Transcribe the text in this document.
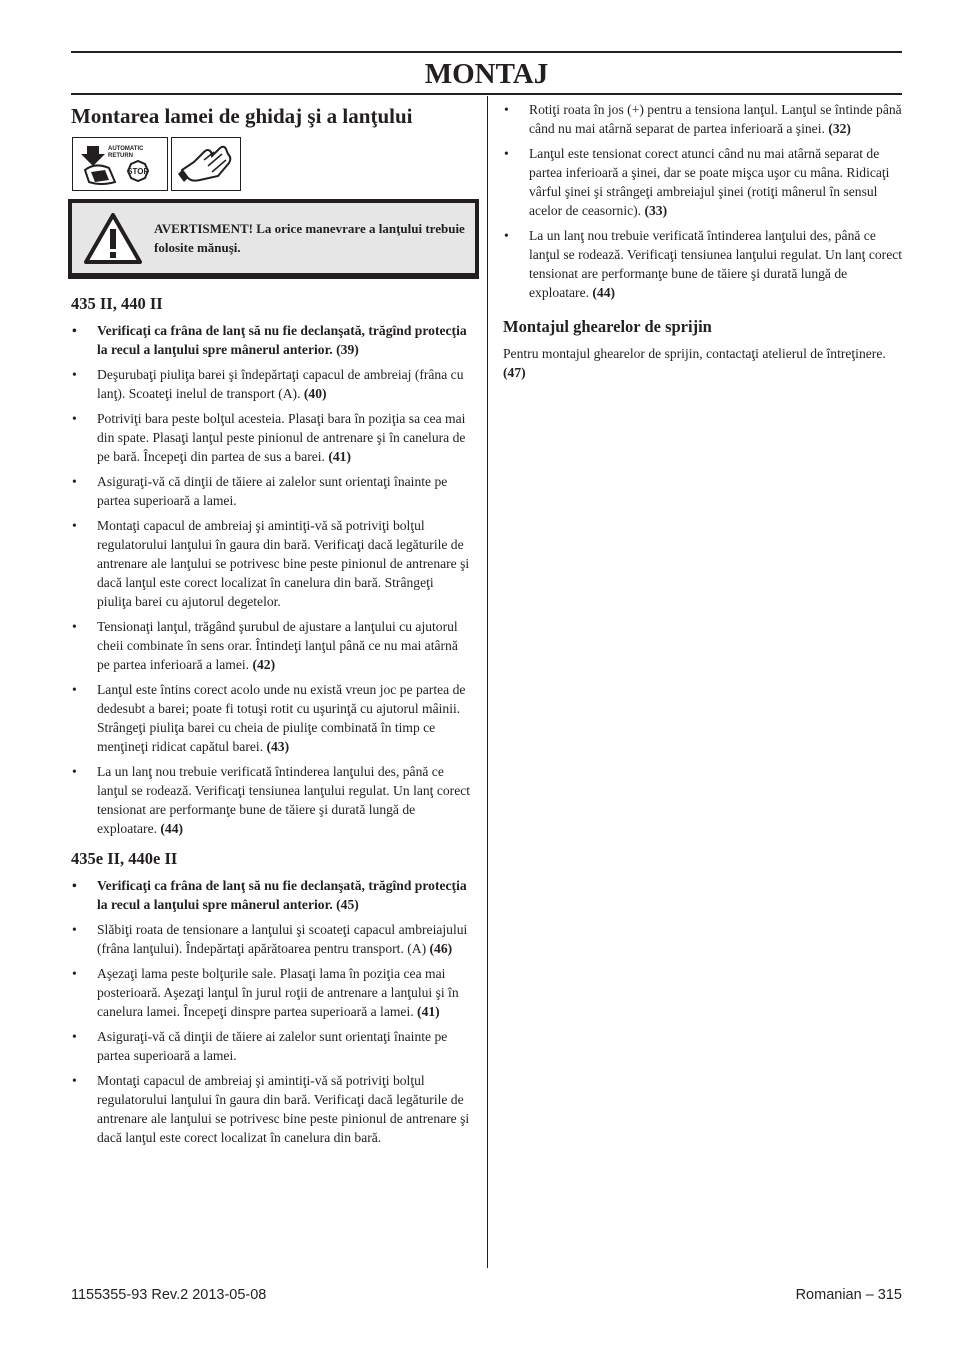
MONTAJ
Montarea lamei de ghidaj şi a lanţului
AUTOMATIC
RETURN
STOP
AVERTISMENT! La orice manevrare a lanţului trebuie folosite mănuşi.
435 II, 440 II
• Verificaţi ca frâna de lanţ să nu fie declanşată, trăgînd protecţia la recul a lanţului spre mânerul anterior. (39)
• Deşurubaţi piuliţa barei şi îndepărtaţi capacul de ambreiaj (frâna cu lanţ). Scoateţi inelul de transport (A). (40)
• Potriviţi bara peste bolţul acesteia. Plasaţi bara în poziţia sa cea mai din spate. Plasaţi lanţul peste pinionul de antrenare şi în canelura de pe bară. Începeţi din partea de sus a barei. (41)
• Asiguraţi-vă că dinţii de tăiere ai zalelor sunt orientaţi înainte pe partea superioară a lamei.
• Montaţi capacul de ambreiaj şi amintiţi-vă să potriviţi bolţul regulatorului lanţului în gaura din bară. Verificaţi dacă legăturile de antrenare ale lanţului se potrivesc bine peste pinionul de antrenare şi dacă lanţul este corect localizat în canelura din bară. Strângeţi piuliţa barei cu ajutorul degetelor.
• Tensionaţi lanţul, trăgând şurubul de ajustare a lanţului cu ajutorul cheii combinate în sens orar. Întindeţi lanţul până ce nu mai atârnă pe partea inferioară a lamei. (42)
• Lanţul este întins corect acolo unde nu există vreun joc pe partea de dedesubt a barei; poate fi totuşi rotit cu uşurinţă cu ajutorul mâinii. Strângeţi piuliţa barei cu cheia de piuliţe combinată în timp ce menţineţi ridicat capătul barei. (43)
• La un lanţ nou trebuie verificată întinderea lanţului des, până ce lanţul se rodează. Verificaţi tensiunea lanţului regulat. Un lanţ corect tensionat are performanţe bune de tăiere şi durată lungă de exploatare. (44)
435e II, 440e II
• Verificaţi ca frâna de lanţ să nu fie declanşată, trăgînd protecţia la recul a lanţului spre mânerul anterior. (45)
• Slăbiţi roata de tensionare a lanţului şi scoateţi capacul ambreiajului (frâna lanţului). Îndepărtaţi apărătoarea pentru transport. (A) (46)
• Aşezaţi lama peste bolţurile sale. Plasaţi lama în poziţia cea mai posterioară. Aşezaţi lanţul în jurul roţii de antrenare a lanţului şi în canelura lamei. Începeţi dinspre partea superioară a lamei. (41)
• Asiguraţi-vă că dinţii de tăiere ai zalelor sunt orientaţi înainte pe partea superioară a lamei.
• Montaţi capacul de ambreiaj şi amintiţi-vă să potriviţi bolţul regulatorului lanţului în gaura din bară. Verificaţi dacă legăturile de antrenare ale lanţului se potrivesc bine peste pinionul de antrenare şi dacă lanţul este corect localizat în canelura din bară.
• Rotiţi roata în jos (+) pentru a tensiona lanţul. Lanţul se întinde până când nu mai atârnă separat de partea inferioară a şinei. (32)
• Lanţul este tensionat corect atunci când nu mai atârnă separat de partea inferioară a şinei, dar se poate mişca uşor cu mâna. Ridicaţi vârful şinei şi strângeţi ambreiajul şinei (rotiţi mânerul în sensul acelor de ceasornic). (33)
• La un lanţ nou trebuie verificată întinderea lanţului des, până ce lanţul se rodează. Verificaţi tensiunea lanţului regulat. Un lanţ corect tensionat are performanţe bune de tăiere şi durată lungă de exploatare. (44)
Montajul ghearelor de sprijin

Pentru montajul ghearelor de sprijin, contactaţi atelierul de întreţinere. (47)

1155355-93 Rev.2 2013-05-08	Romanian – 315
